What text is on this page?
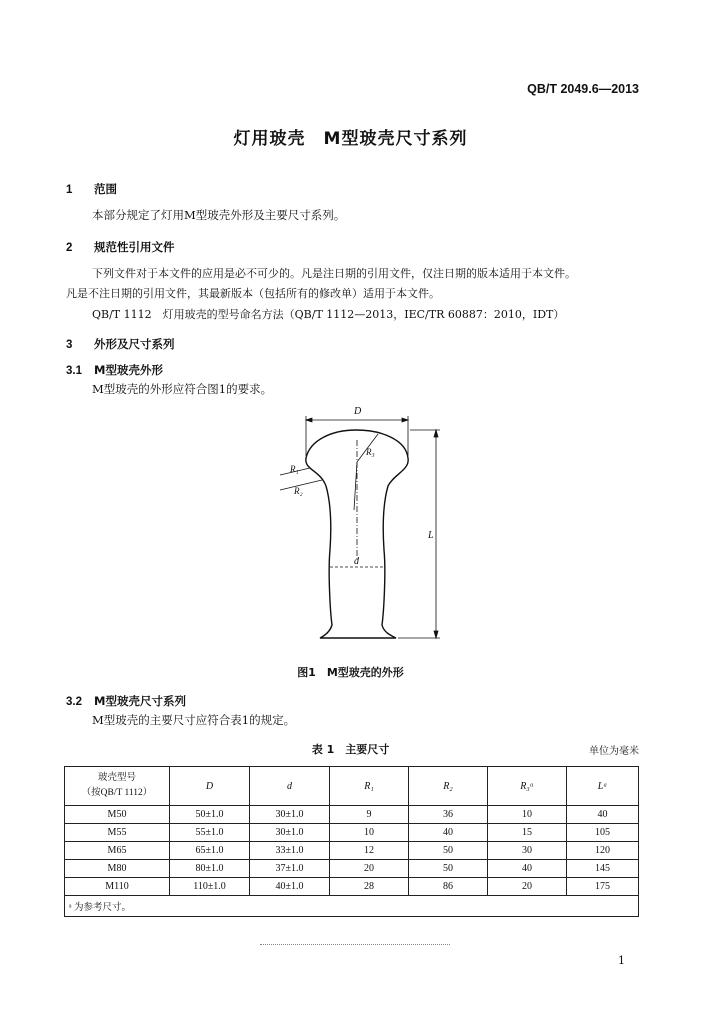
QB/T 2049.6—2013
灯用玻壳　M型玻壳尺寸系列
1 范围
本部分规定了灯用M型玻壳外形及主要尺寸系列。
2 规范性引用文件
下列文件对于本文件的应用是必不可少的。凡是注日期的引用文件，仅注日期的版本适用于本文件。
凡是不注日期的引用文件，其最新版本（包括所有的修改单）适用于本文件。
QB/T 1112　灯用玻壳的型号命名方法（QB/T 1112—2013，IEC/TR 60887：2010，IDT）
3 外形及尺寸系列
3.1 M型玻壳外形
M型玻壳的外形应符合图1的要求。
D
d
L
R₁
R₂
R₃
图1　M型玻壳的外形
3.2 M型玻壳尺寸系列
M型玻壳的主要尺寸应符合表1的规定。
表 1　主要尺寸	单位为毫米
玻壳型号
（按QB/T 1112）	D	d	R₁	R₂	R₃ᵃ	Lᵃ
M50	50±1.0	30±1.0	9	36	10	40
M55	55±1.0	30±1.0	10	40	15	105
M65	65±1.0	33±1.0	12	50	30	120
M80	80±1.0	37±1.0	20	50	40	145
M110	110±1.0	40±1.0	28	86	20	175
ᵃ 为参考尺寸。						
1
